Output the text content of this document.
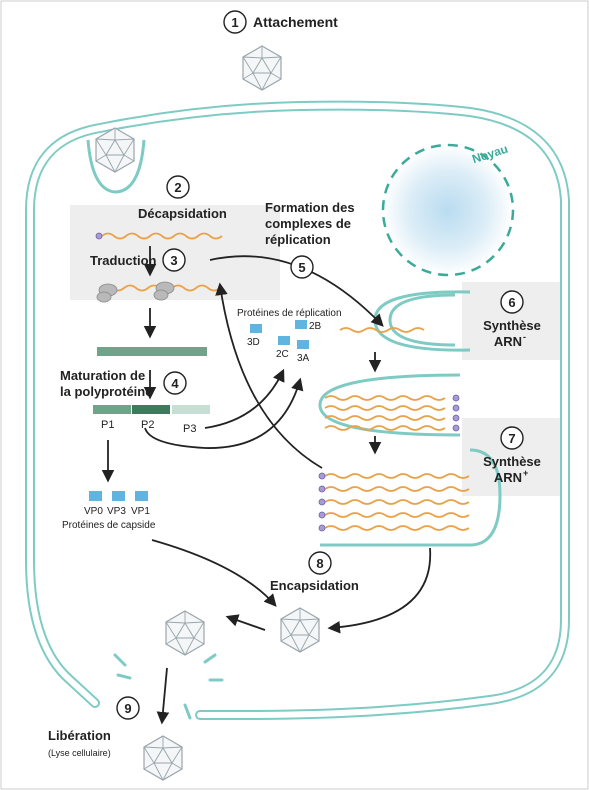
1
2
3
4
5
6
7
8
9
Attachement
Décapsidation
Traduction
Maturation de
la polyprotéine
Formation des
complexes de
réplication
Synthèse
ARN -
Synthèse
ARN +
Encapsidation
Libération
(Lyse cellulaire)
Noyau
P1 P2	P3
Protéines de réplication
3D
2C
2B
3A
VP0 VP3 VP1
Protéines de capside
